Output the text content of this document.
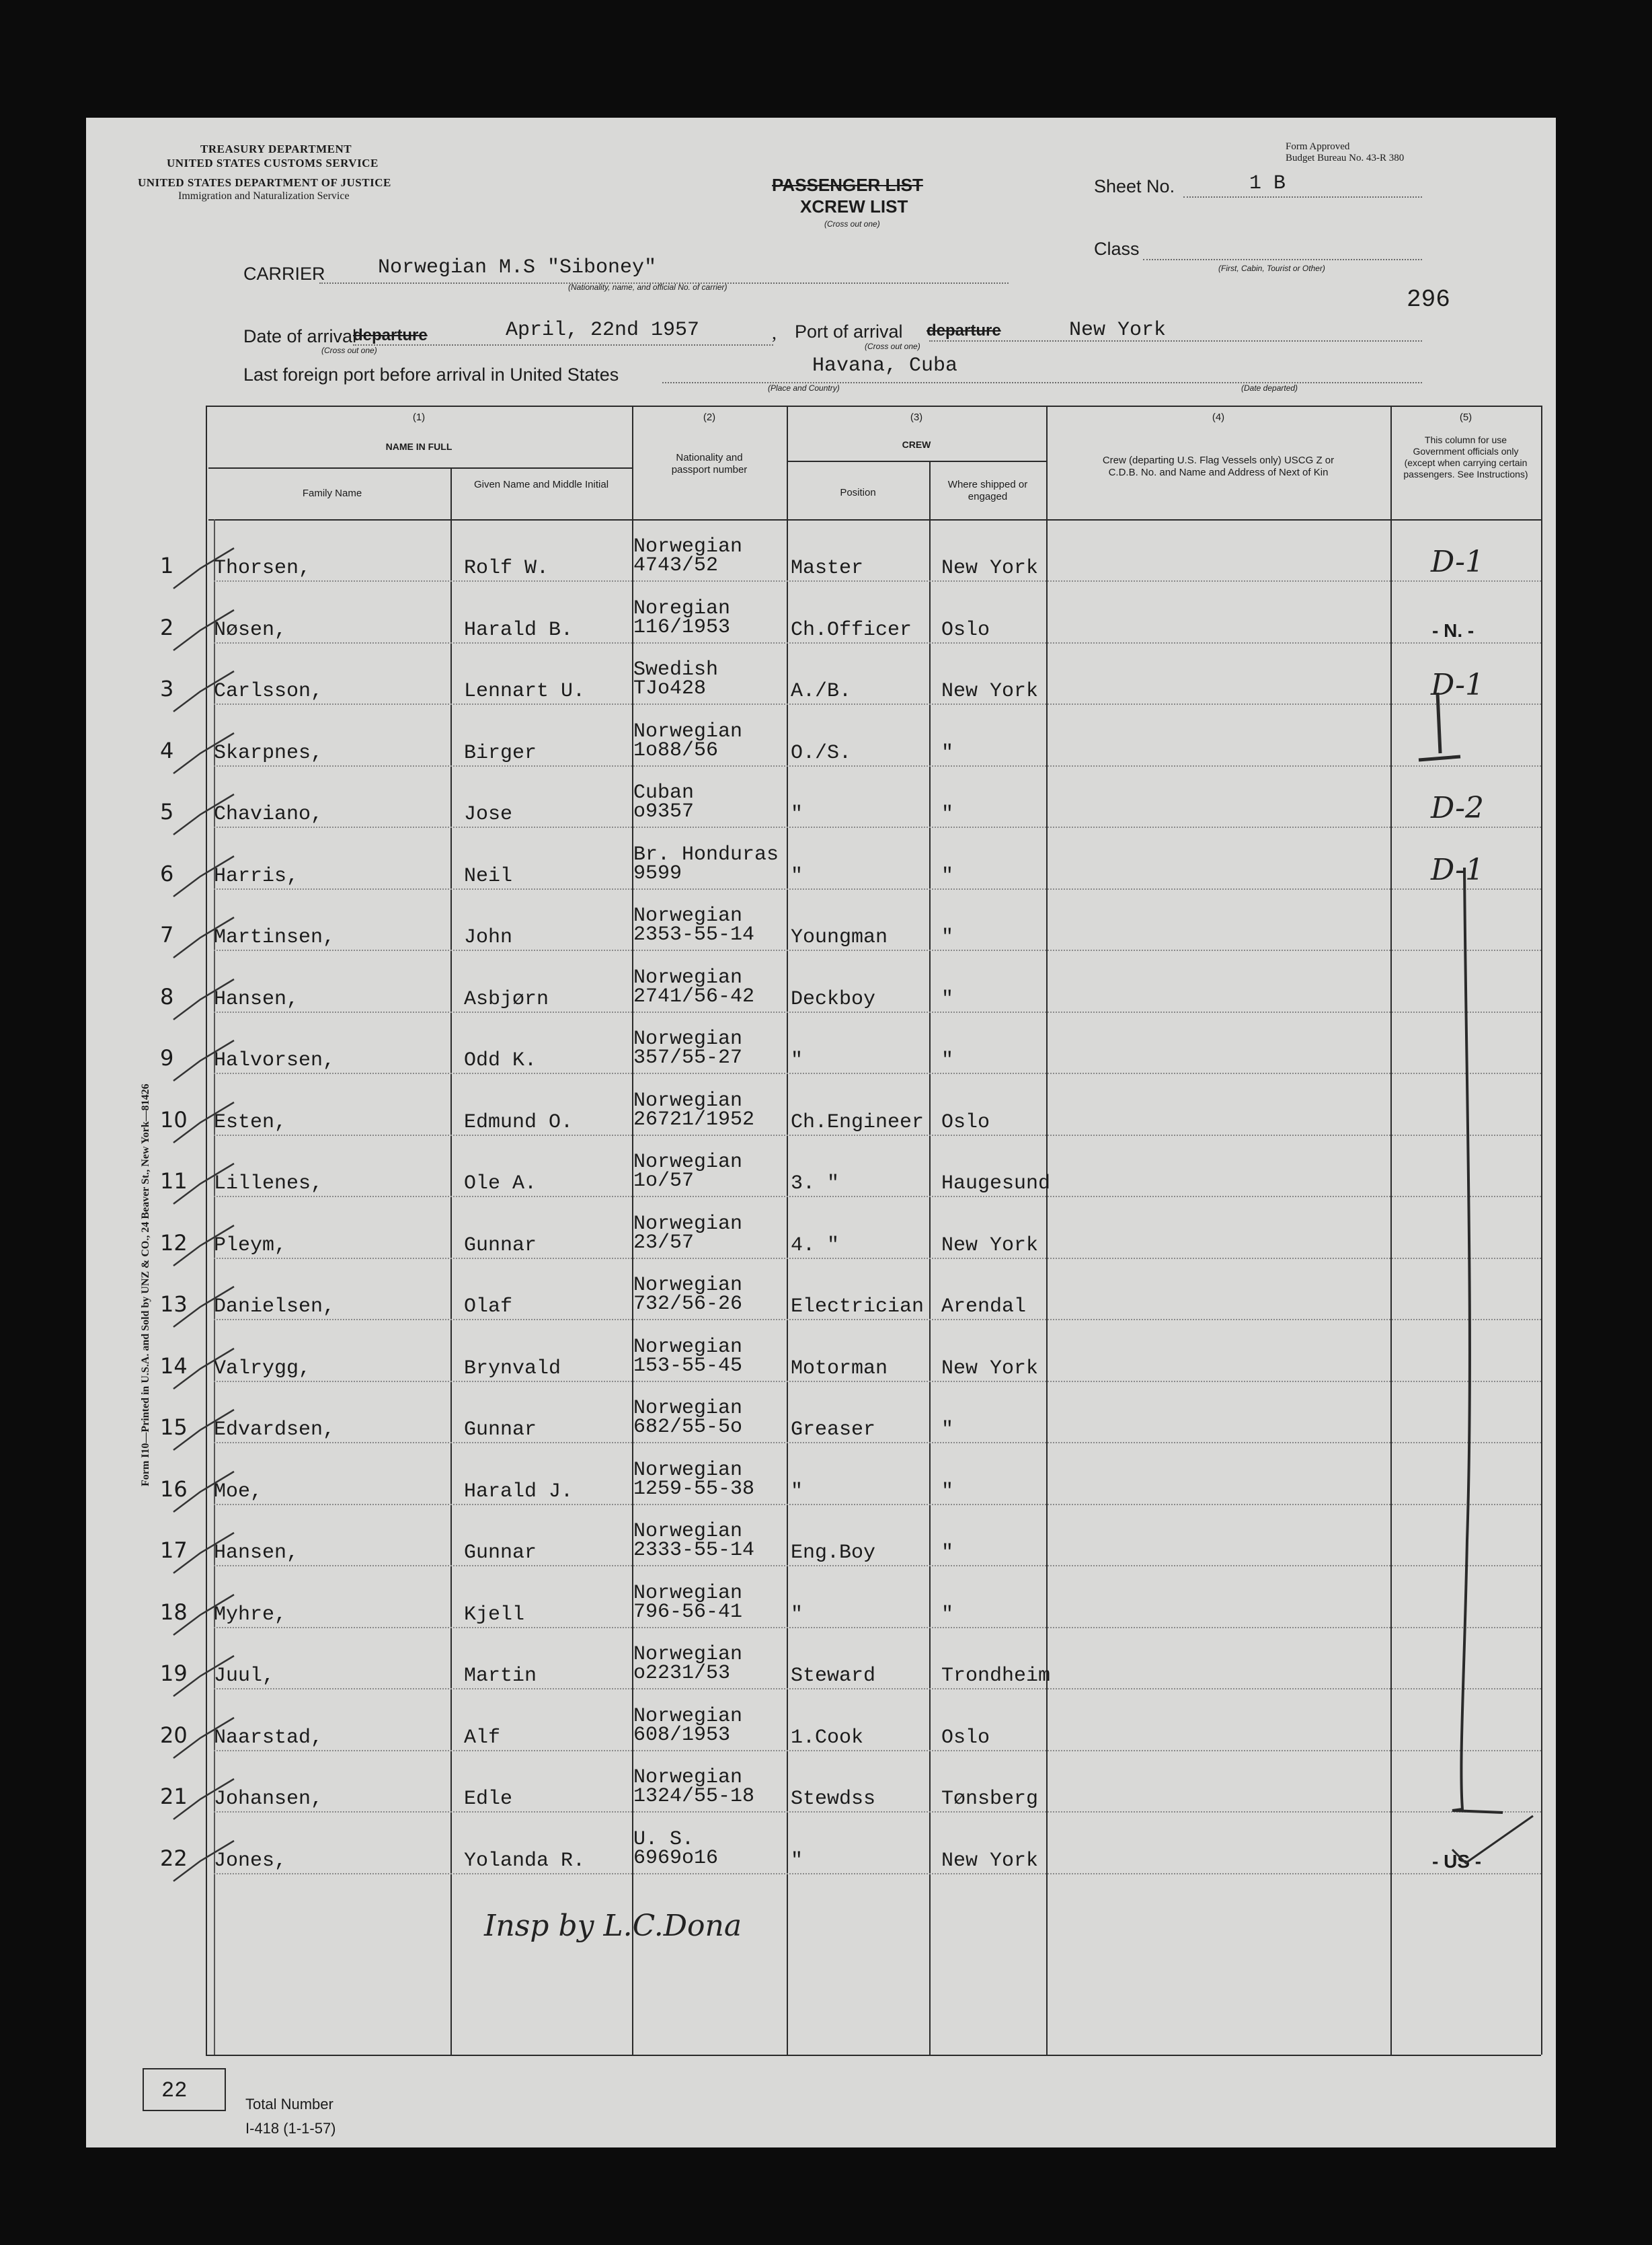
TREASURY DEPARTMENT
UNITED STATES CUSTOMS SERVICE
UNITED STATES DEPARTMENT OF JUSTICE
Immigration and Naturalization Service
Form Approved
Budget Bureau No. 43-R 380
PASSENGER LIST
XCREW LIST
(Cross out one)
Sheet No.	1 B
Class
(First, Cabin, Tourist or Other)
296
CARRIER	Norwegian M.S "Siboney"
(Nationality, name, and official No. of carrier)
Date of arrival
departure
(Cross out one)
April, 22nd 1957	, Port of arrival departure
(Cross out one)
New York
Last foreign port before arrival in United States	Havana, Cuba
(Place and Country)	(Date departed)
(1)
NAME IN FULL
Family Name
Given Name and Middle Initial
(2)
Nationality and passport number
(3)
CREW
Position
Where shipped or engaged
(4)
Crew (departing U.S. Flag Vessels only) USCG Z or C.D.B. No. and Name and Address of Next of Kin
(5)
This column for use Government officials only (except when carrying certain passengers. See Instructions)
1 Thorsen,	Rolf W.
Norwegian
4743/52	Master	New York	D-1
2 Nøsen,	Harald B.
Noregian
116/1953	Ch.Officer Oslo	- N. -
3 Carlsson,	Lennart U.
Swedish
TJo428	A./B.	New York	D-1
4 Skarpnes,	Birger
Norwegian
1o88/56	O./S.	"
5 Chaviano,	Jose
Cuban
o9357	"	"	D-2
6 Harris,	Neil
Br. Honduras
9599	"	"	D-1
7 Martinsen,	John
Norwegian
2353-55-14 Youngman	"
8 Hansen,	Asbjørn
Norwegian
2741/56-42 Deckboy	"
9 Halvorsen,	Odd K.
Norwegian
357/55-27 "	"
10 Esten,	Edmund O.
Norwegian
26721/1952 Ch.Engineer Oslo
11 Lillenes,	Ole A.
Norwegian
1o/57	3. "	Haugesund
12 Pleym,	Gunnar
Norwegian
23/57	4. "	New York
13 Danielsen,	Olaf
Norwegian
732/56-26 Electrician Arendal
14 Valrygg,	Brynvald
Norwegian
153-55-45 Motorman	New York
15 Edvardsen,	Gunnar
Norwegian
682/55-5o Greaser	"
16 Moe,	Harald J.
Norwegian
1259-55-38 "	"
17 Hansen,	Gunnar
Norwegian
2333-55-14 Eng.Boy	"
18 Myhre,	Kjell
Norwegian
796-56-41 "	"
19 Juul,	Martin
Norwegian
o2231/53	Steward	Trondheim
20 Naarstad,	Alf
Norwegian
608/1953	1.Cook	Oslo
21 Johansen,	Edle
Norwegian
1324/55-18 Stewdss	Tønsberg
22 Jones,	Yolanda R.
U. S.
6969o16	"	New York	- US -
Form I10—Printed in U.S.A. and Sold by UNZ & CO., 24 Beaver St., New York—81426
Insp by L.C.Dona
22
Total Number
I-418 (1-1-57)
